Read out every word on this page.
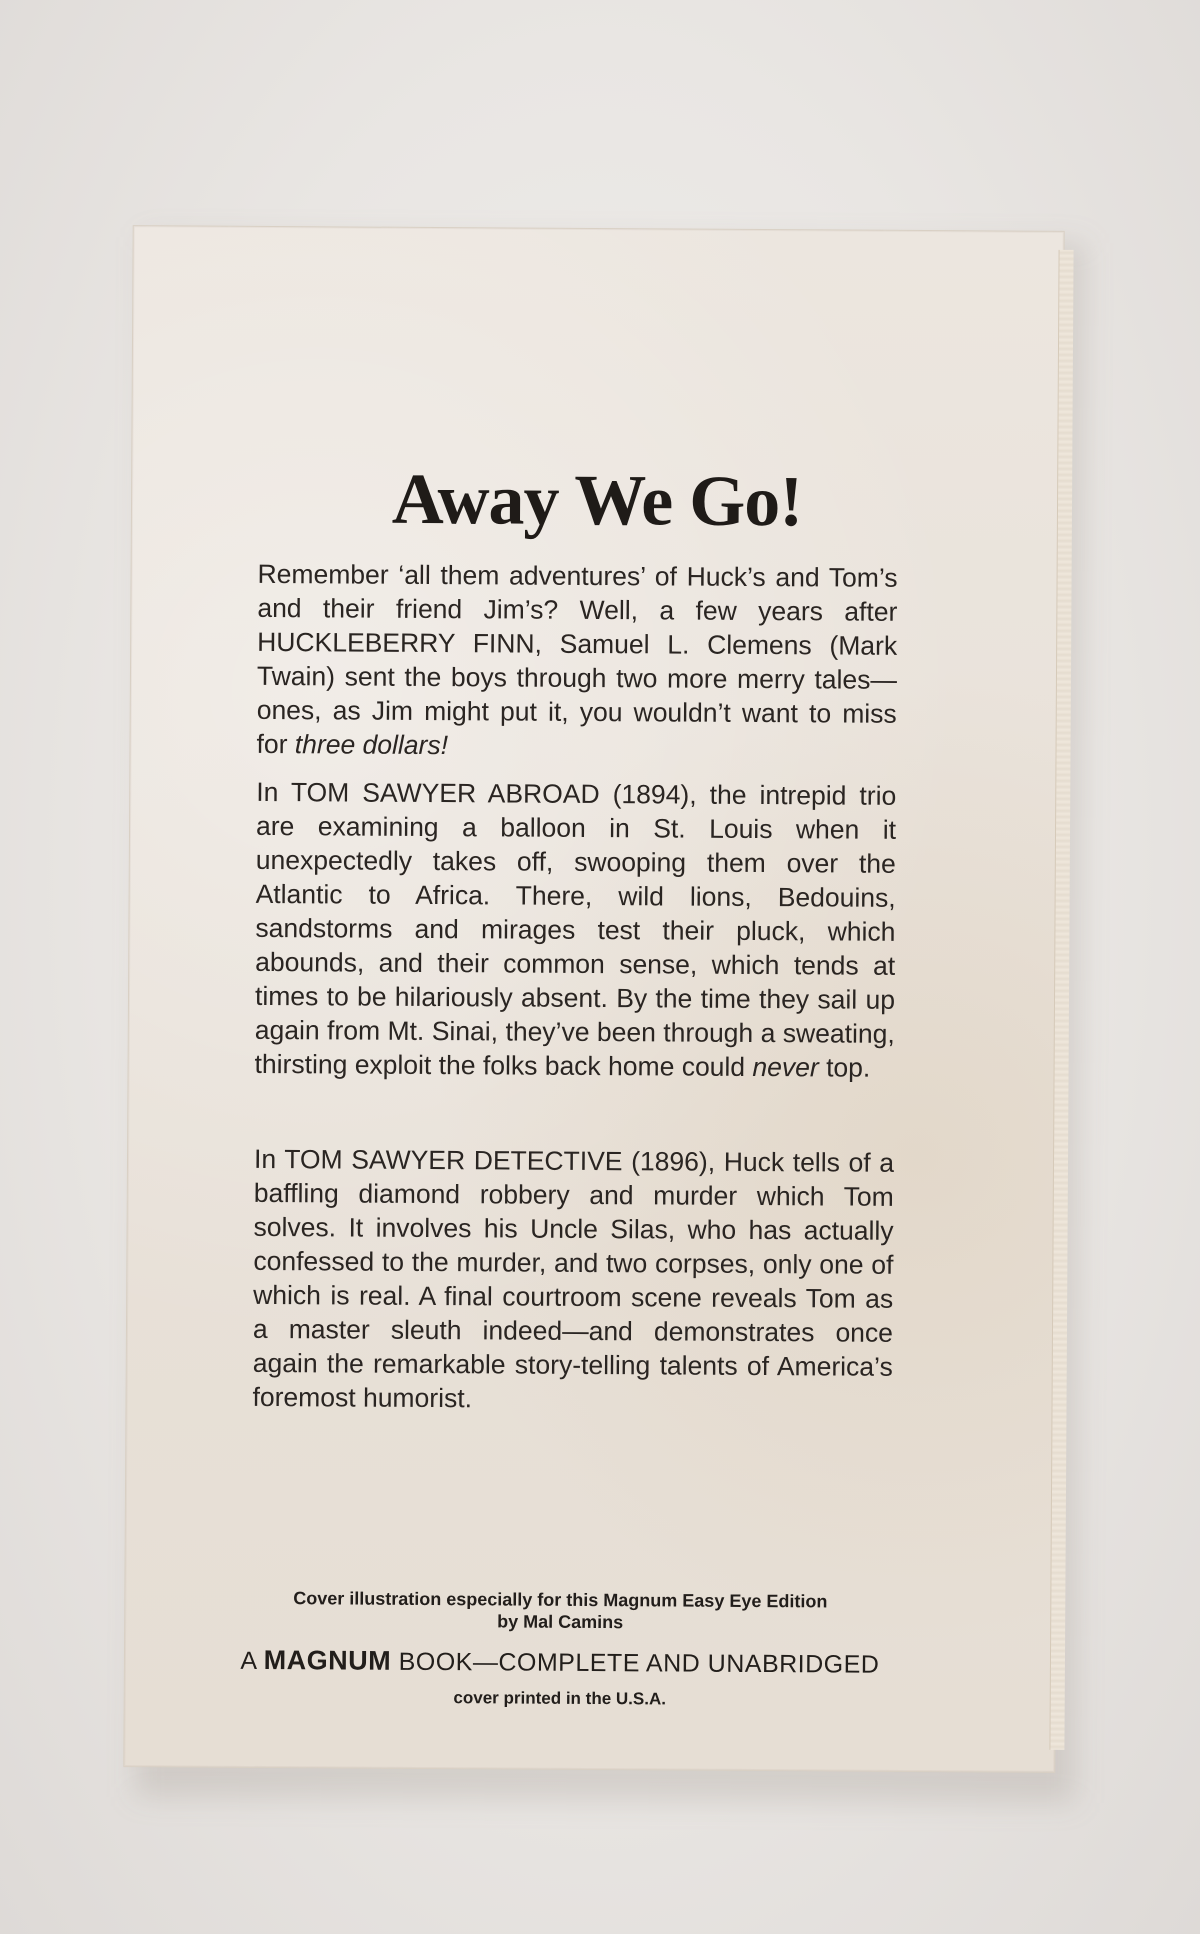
Away We Go!
Remember ‘all them adventures’ of Huck’s and Tom’s and their friend Jim’s? Well, a few years after HUCKLEBERRY FINN, Samuel L. Clemens (Mark Twain) sent the boys through two more merry tales—ones, as Jim might put it, you wouldn’t want to miss for three dollars!
In TOM SAWYER ABROAD (1894), the intrepid trio are examining a balloon in St. Louis when it unexpectedly takes off, swooping them over the Atlantic to Africa. There, wild lions, Bedouins, sandstorms and mirages test their pluck, which abounds, and their common sense, which tends at times to be hilariously absent. By the time they sail up again from Mt. Sinai, they’ve been through a sweating, thirsting exploit the folks back home could never top.
In TOM SAWYER DETECTIVE (1896), Huck tells of a baffling diamond robbery and murder which Tom solves. It involves his Uncle Silas, who has actually confessed to the murder, and two corpses, only one of which is real. A final courtroom scene reveals Tom as a master sleuth indeed—and demonstrates once again the remarkable story-telling talents of America’s foremost humorist.
Cover illustration especially for this Magnum Easy Eye Edition
by Mal Camins
A MAGNUM BOOK—COMPLETE AND UNABRIDGED
cover printed in the U.S.A.
